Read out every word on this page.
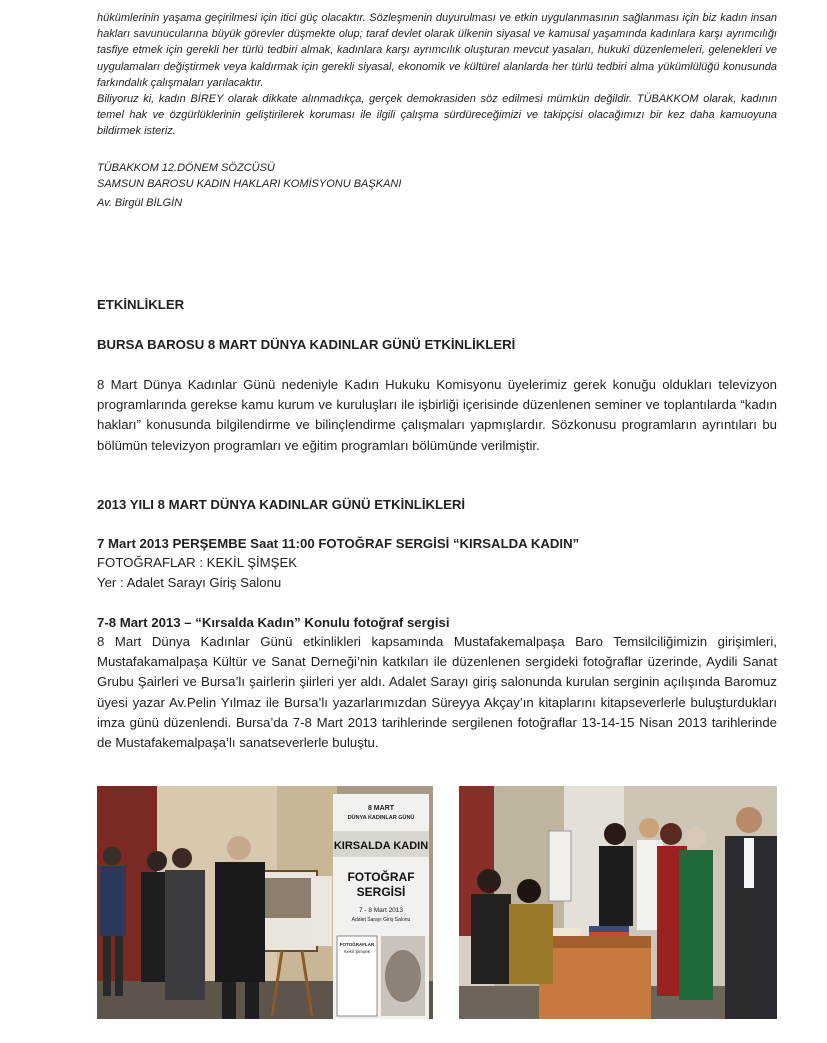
hükümlerinin yaşama geçirilmesi için itici güç olacaktır. Sözleşmenin duyurulması ve etkin uygulanmasının sağlanması için biz kadın insan hakları savunucularına büyük görevler düşmekte olup; taraf devlet olarak ülkenin siyasal ve kamusal yaşamında kadınlara karşı ayrımcılığı tasfiye etmek için gerekli her türlü tedbiri almak, kadınlara karşı ayrımcılık oluşturan mevcut yasaları, hukuki düzenlemeleri, gelenekleri ve uygulamaları değiştirmek veya kaldırmak için gerekli siyasal, ekonomik ve kültürel alanlarda her türlü tedbiri alma yükümlülüğü konusunda farkındalık çalışmaları yarılacaktır.

Biliyoruz ki, kadın BİREY olarak dikkate alınmadıkça, gerçek demokrasiden söz edilmesi mümkün değildir. TÜBAKKOM olarak, kadının temel hak ve özgürlüklerinin geliştirilerek koruması ile ilgili çalışma sürdüreceğimizi ve takipçisi olacağımızı bir kez daha kamuoyuna bildirmek isteriz.

TÜBAKKOM 12.DÖNEM SÖZCÜSÜ

SAMSUN BAROSU KADIN HAKLARI KOMİSYONU BAŞKANI

Av. Birgül BİLGİN

ETKİNLİKLER

BURSA BAROSU 8 MART DÜNYA KADINLAR GÜNÜ ETKİNLİKLERİ

8 Mart Dünya Kadınlar Günü nedeniyle Kadın Hukuku Komisyonu üyelerimiz gerek konuğu oldukları televizyon programlarında gerekse kamu kurum ve kuruluşları ile işbirliği içerisinde düzenlenen seminer ve toplantılarda “kadın hakları” konusunda bilgilendirme ve bilinçlendirme çalışmaları yapmışlardır. Sözkonusu programların ayrıntıları bu bölümün televizyon programları ve eğitim programları bölümünde verilmiştir.

2013 YILI 8 MART DÜNYA KADINLAR GÜNÜ ETKİNLİKLERİ

7 Mart 2013 PERŞEMBE Saat 11:00 FOTOĞRAF SERGİSİ “KIRSALDA KADIN”

FOTOĞRAFLAR : KEKİL ŞİMŞEK

Yer : Adalet Sarayı Giriş Salonu

7-8 Mart 2013 – “Kırsalda Kadın” Konulu fotoğraf sergisi

8 Mart Dünya Kadınlar Günü etkinlikleri kapsamında Mustafakemalpaşa Baro Temsilciliğimizin girişimleri, Mustafakamalpaşa Kültür ve Sanat Derneği’nin katkıları ile düzenlenen sergideki fotoğraflar üzerinde, Aydili Sanat Grubu Şairleri ve Bursa’lı şairlerin şiirleri yer aldı. Adalet Sarayı giriş salonunda kurulan serginin açılışında Baromuz üyesi yazar Av.Pelin Yılmaz ile Bursa’lı yazarlarımızdan Süreyya Akçay’ın kitaplarını kitapseverlerle buluşturdukları imza günü düzenlendi. Bursa’da 7-8 Mart 2013 tarihlerinde sergilenen fotoğraflar 13-14-15 Nisan 2013 tarihlerinde de Mustafakemalpaşa’lı sanatseverlerle buluştu.

8 MART
DÜNYA KADINLAR GÜNÜ
KIRSALDA KADIN
FOTOĞRAF
SERGİSİ
7 - 8 Mart 2013
Adalet Sarayı Giriş Salonu
FOTOĞRAFLAR
Kekil Şimşek
